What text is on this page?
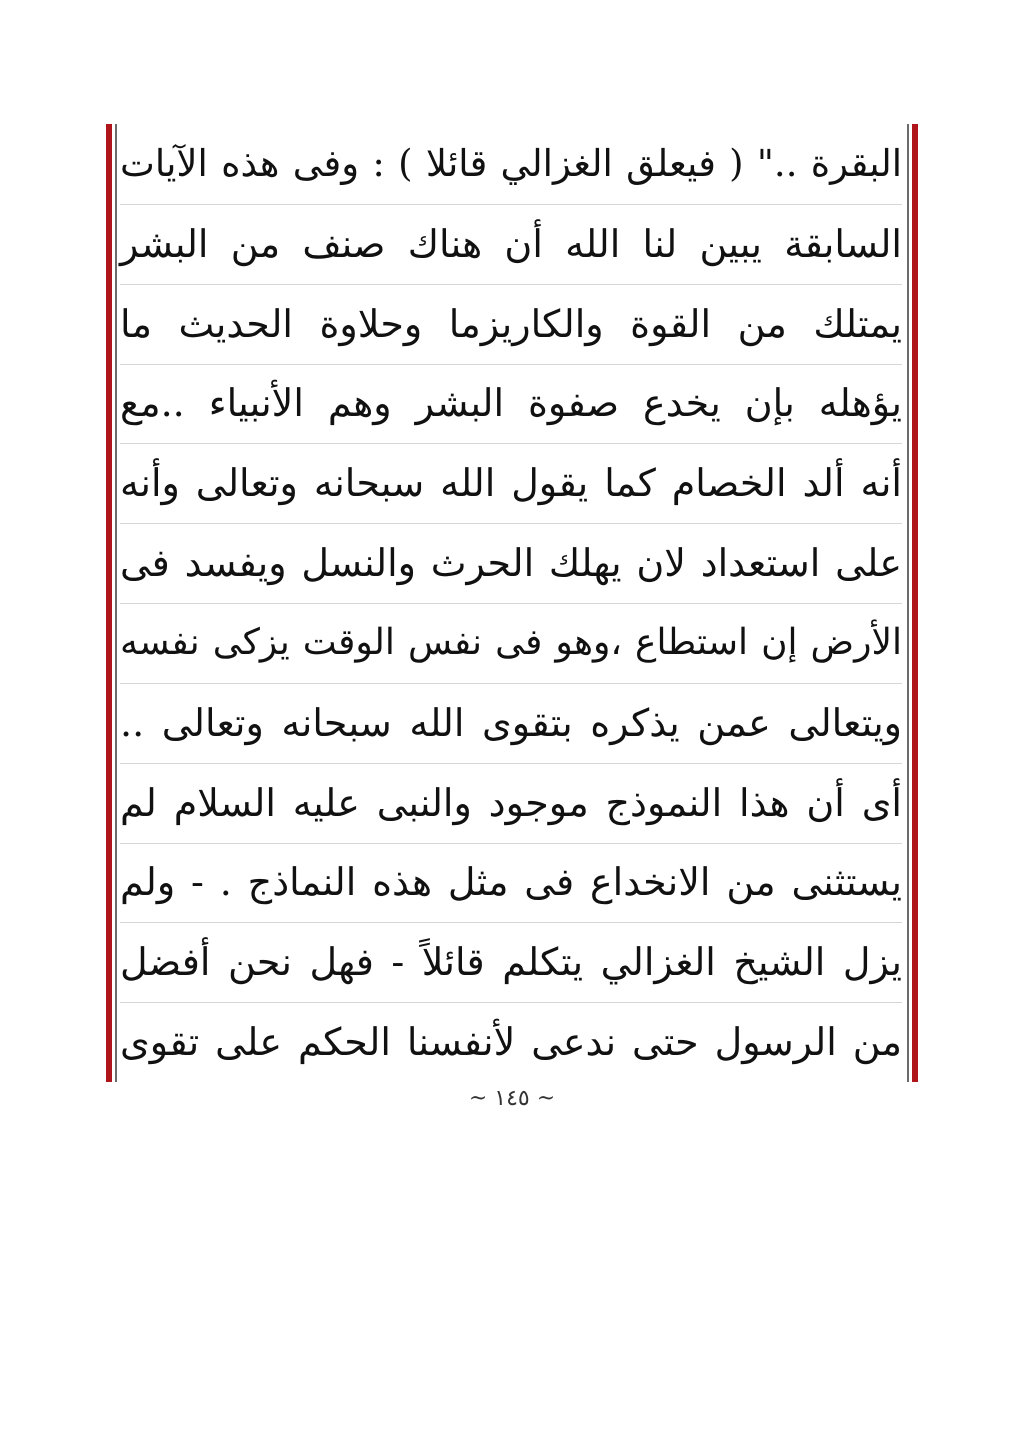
البقرة .." ( فيعلق الغزالي قائلا ) : وفى هذه الآيات
السابقة يبين لنا الله أن هناك صنف من البشر
يمتلك من القوة والكاريزما وحلاوة الحديث ما
يؤهله بإن يخدع صفوة البشر وهم الأنبياء ..مع
أنه ألد الخصام كما يقول الله سبحانه وتعالى وأنه
على استعداد لان يهلك الحرث والنسل ويفسد فى
الأرض إن استطاع ،وهو فى نفس الوقت يزكى نفسه
ويتعالى عمن يذكره بتقوى الله سبحانه وتعالى ..
أى أن هذا النموذج موجود والنبى عليه السلام لم
يستثنى من الانخداع فى مثل هذه النماذج . - ولم
يزل الشيخ الغزالي يتكلم قائلاً - فهل نحن أفضل
من الرسول حتى ندعى لأنفسنا الحكم على تقوى
~ ١٤٥ ~
